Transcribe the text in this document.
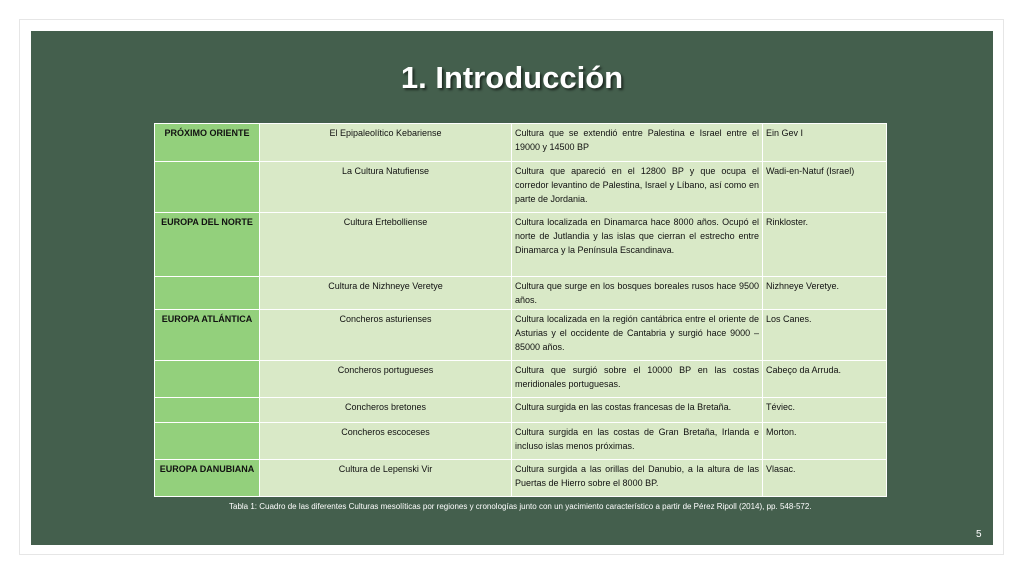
1. Introducción
PRÓXIMO ORIENTE	El Epipaleolítico Kebariense	Cultura que se extendió entre Palestina e Israel entre el 19000 y 14500 BP	Ein Gev I
	La Cultura Natufiense	Cultura que apareció en el 12800 BP y que ocupa el corredor levantino de Palestina, Israel y Líbano, así como en parte de Jordania.	Wadi-en-Natuf (Israel)
EUROPA DEL NORTE	Cultura Ertebolliense	Cultura localizada en Dinamarca hace 8000 años. Ocupó el norte de Jutlandia y las islas que cierran el estrecho entre Dinamarca y la Península Escandinava.	Rinkloster.
	Cultura de Nizhneye Veretye	Cultura que surge en los bosques boreales rusos hace 9500 años.	Nizhneye Veretye.
EUROPA ATLÁNTICA	Concheros asturienses	Cultura localizada en la región cantábrica entre el oriente de Asturias y el occidente de Cantabria y surgió hace 9000 – 85000 años.	Los Canes.
	Concheros portugueses	Cultura que surgió sobre el 10000 BP en las costas meridionales portuguesas.	Cabeço da Arruda.
	Concheros bretones	Cultura surgida en las costas francesas de la Bretaña.	Téviec.
	Concheros escoceses	Cultura surgida en las costas de Gran Bretaña, Irlanda e incluso islas menos próximas.	Morton.
EUROPA DANUBIANA	Cultura de Lepenski Vir	Cultura surgida a las orillas del Danubio, a la altura de las Puertas de Hierro sobre el 8000 BP.	Vlasac.
Tabla 1: Cuadro de las diferentes Culturas mesolíticas por regiones y cronologías junto con un yacimiento característico a partir de Pérez Ripoll (2014), pp. 548-572.
5
